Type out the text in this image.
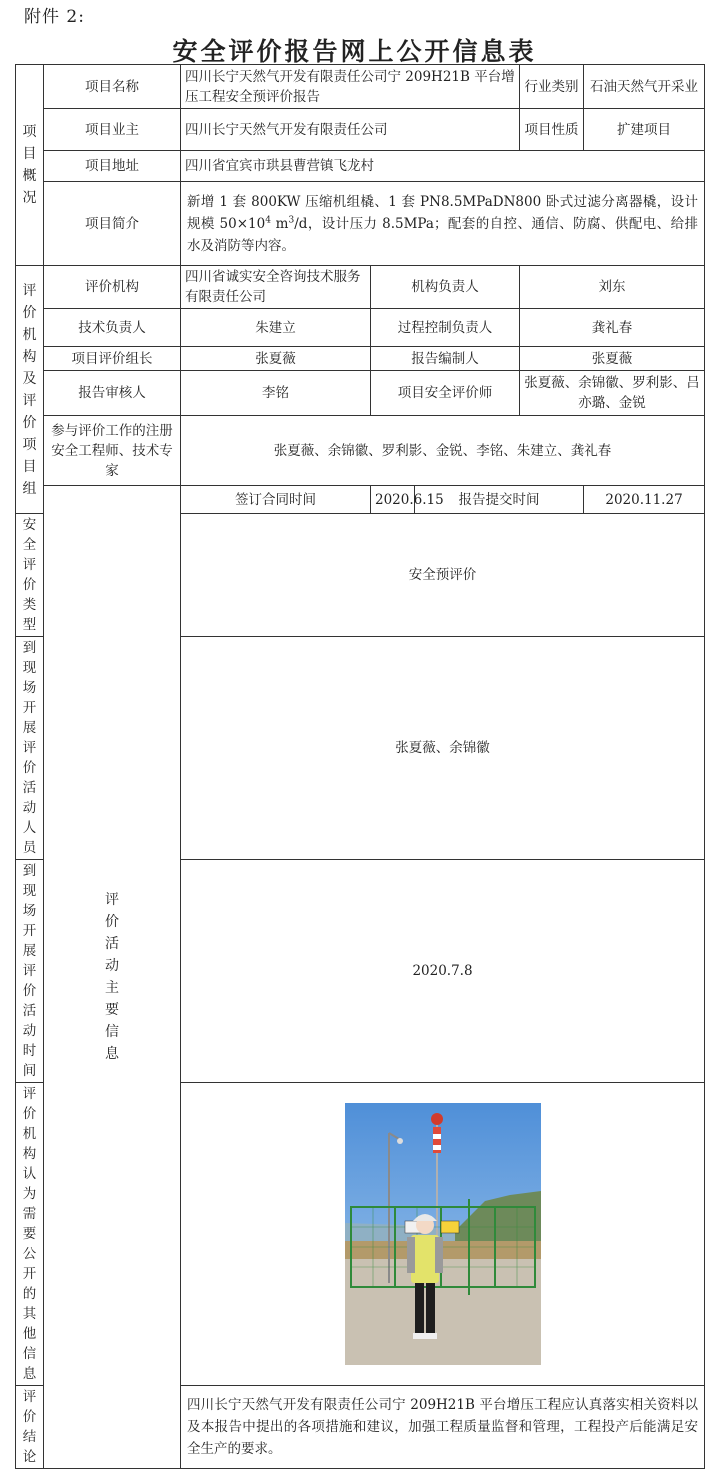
附件 2:
安全评价报告网上公开信息表
项目概况	项目名称	四川长宁天然气开发有限责任公司宁 209H21B 平台增压工程安全预评价报告			行业类别	石油天然气开采业
	项目业主	四川长宁天然气开发有限责任公司			项目性质	扩建项目
	项目地址	四川省宜宾市珙县曹营镇飞龙村				
	项目简介	新增 1 套 800KW 压缩机组橇、1 套 PN8.5MPaDN800 卧式过滤分离器橇，设计规模 $50\times 10^4$ $m^3/d$，设计压力 8.5MPa；配套的自控、通信、防腐、供配电、给排水及消防等内容。				
评价机构及评价项目组	评价机构	四川省诚实安全咨询技术服务有限责任公司	机构负责人		刘东	
	技术负责人	朱建立	过程控制负责人		龚礼春	
	项目评价组长	张夏薇	报告编制人		张夏薇	
	报告审核人	李铭	项目安全评价师		张夏薇、余锦徽、罗利影、吕亦璐、金锐	
	参与评价工作的注册安全工程师、技术专家	张夏薇、余锦徽、罗利影、金锐、李铭、朱建立、龚礼春				
	评价活动主要信息	签订合同时间	2020.6.15	报告提交时间		2020.11.27
安全评价类型		安全预评价				
到现场开展评价活动人员		张夏薇、余锦徽				
到现场开展评价活动时间		2020.7.8				
评价机构认为需要公开的其他信息	

评价结论		四川长宁天然气开发有限责任公司宁 209H21B 平台增压工程应认真落实相关资料以及本报告中提出的各项措施和建议，加强工程质量监督和管理，工程投产后能满足安全生产的要求。				
